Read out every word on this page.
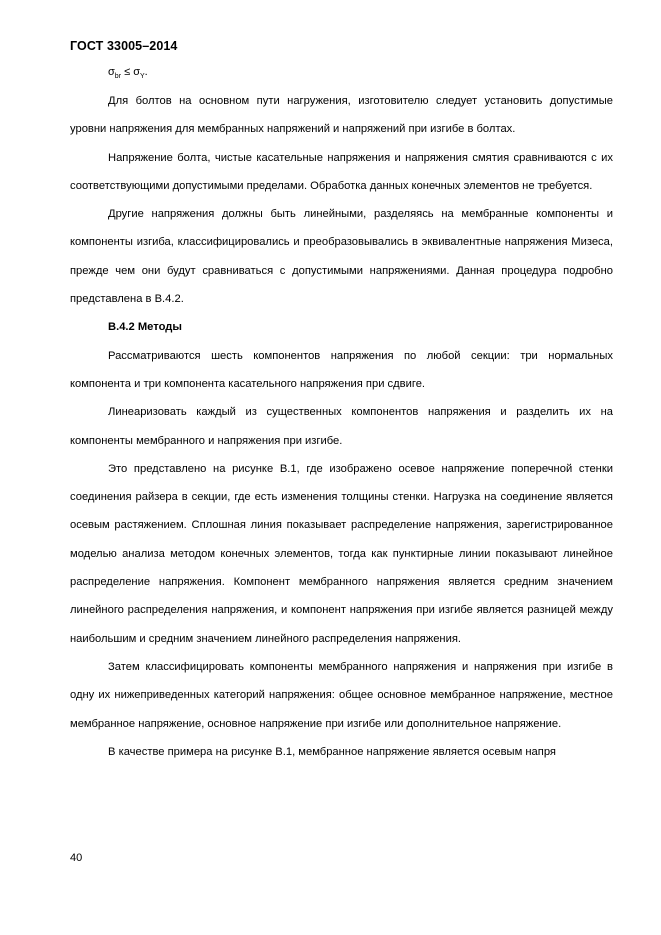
ГОСТ 33005–2014
$\sigma_{br} \le \sigma_Y$.

Для болтов на основном пути нагружения, изготовителю следует установить допустимые уровни напряжения для мембранных напряжений и напряжений при изгибе в болтах.

Напряжение болта, чистые касательные напряжения и напряжения смятия сравниваются с их соответствующими допустимыми пределами. Обработка данных конечных элементов не требуется.

Другие напряжения должны быть линейными, разделяясь на мембранные компоненты и компоненты изгиба, классифицировались и преобразовывались в эквивалентные напряжения Мизеса, прежде чем они будут сравниваться с допустимыми напряжениями. Данная процедура подробно представлена в В.4.2.

В.4.2 Методы

Рассматриваются шесть компонентов напряжения по любой секции: три нормальных компонента и три компонента касательного напряжения при сдвиге.

Линеаризовать каждый из существенных компонентов напряжения и разделить их на компоненты мембранного и напряжения при изгибе.

Это представлено на рисунке В.1, где изображено осевое напряжение поперечной стенки соединения райзера в секции, где есть изменения толщины стенки. Нагрузка на соединение является осевым растяжением. Сплошная линия показывает распределение напряжения, зарегистрированное моделью анализа методом конечных элементов, тогда как пунктирные линии показывают линейное распределение напряжения. Компонент мембранного напряжения является средним значением линейного распределения напряжения, и компонент напряжения при изгибе является разницей между наибольшим и средним значением линейного распределения напряжения.

Затем классифицировать компоненты мембранного напряжения и напряжения при изгибе в одну их нижеприведенных категорий напряжения: общее основное мембранное напряжение, местное мембранное напряжение, основное напряжение при изгибе или дополнительное напряжение.

В качестве примера на рисунке В.1, мембранное напряжение является осевым напря

40
